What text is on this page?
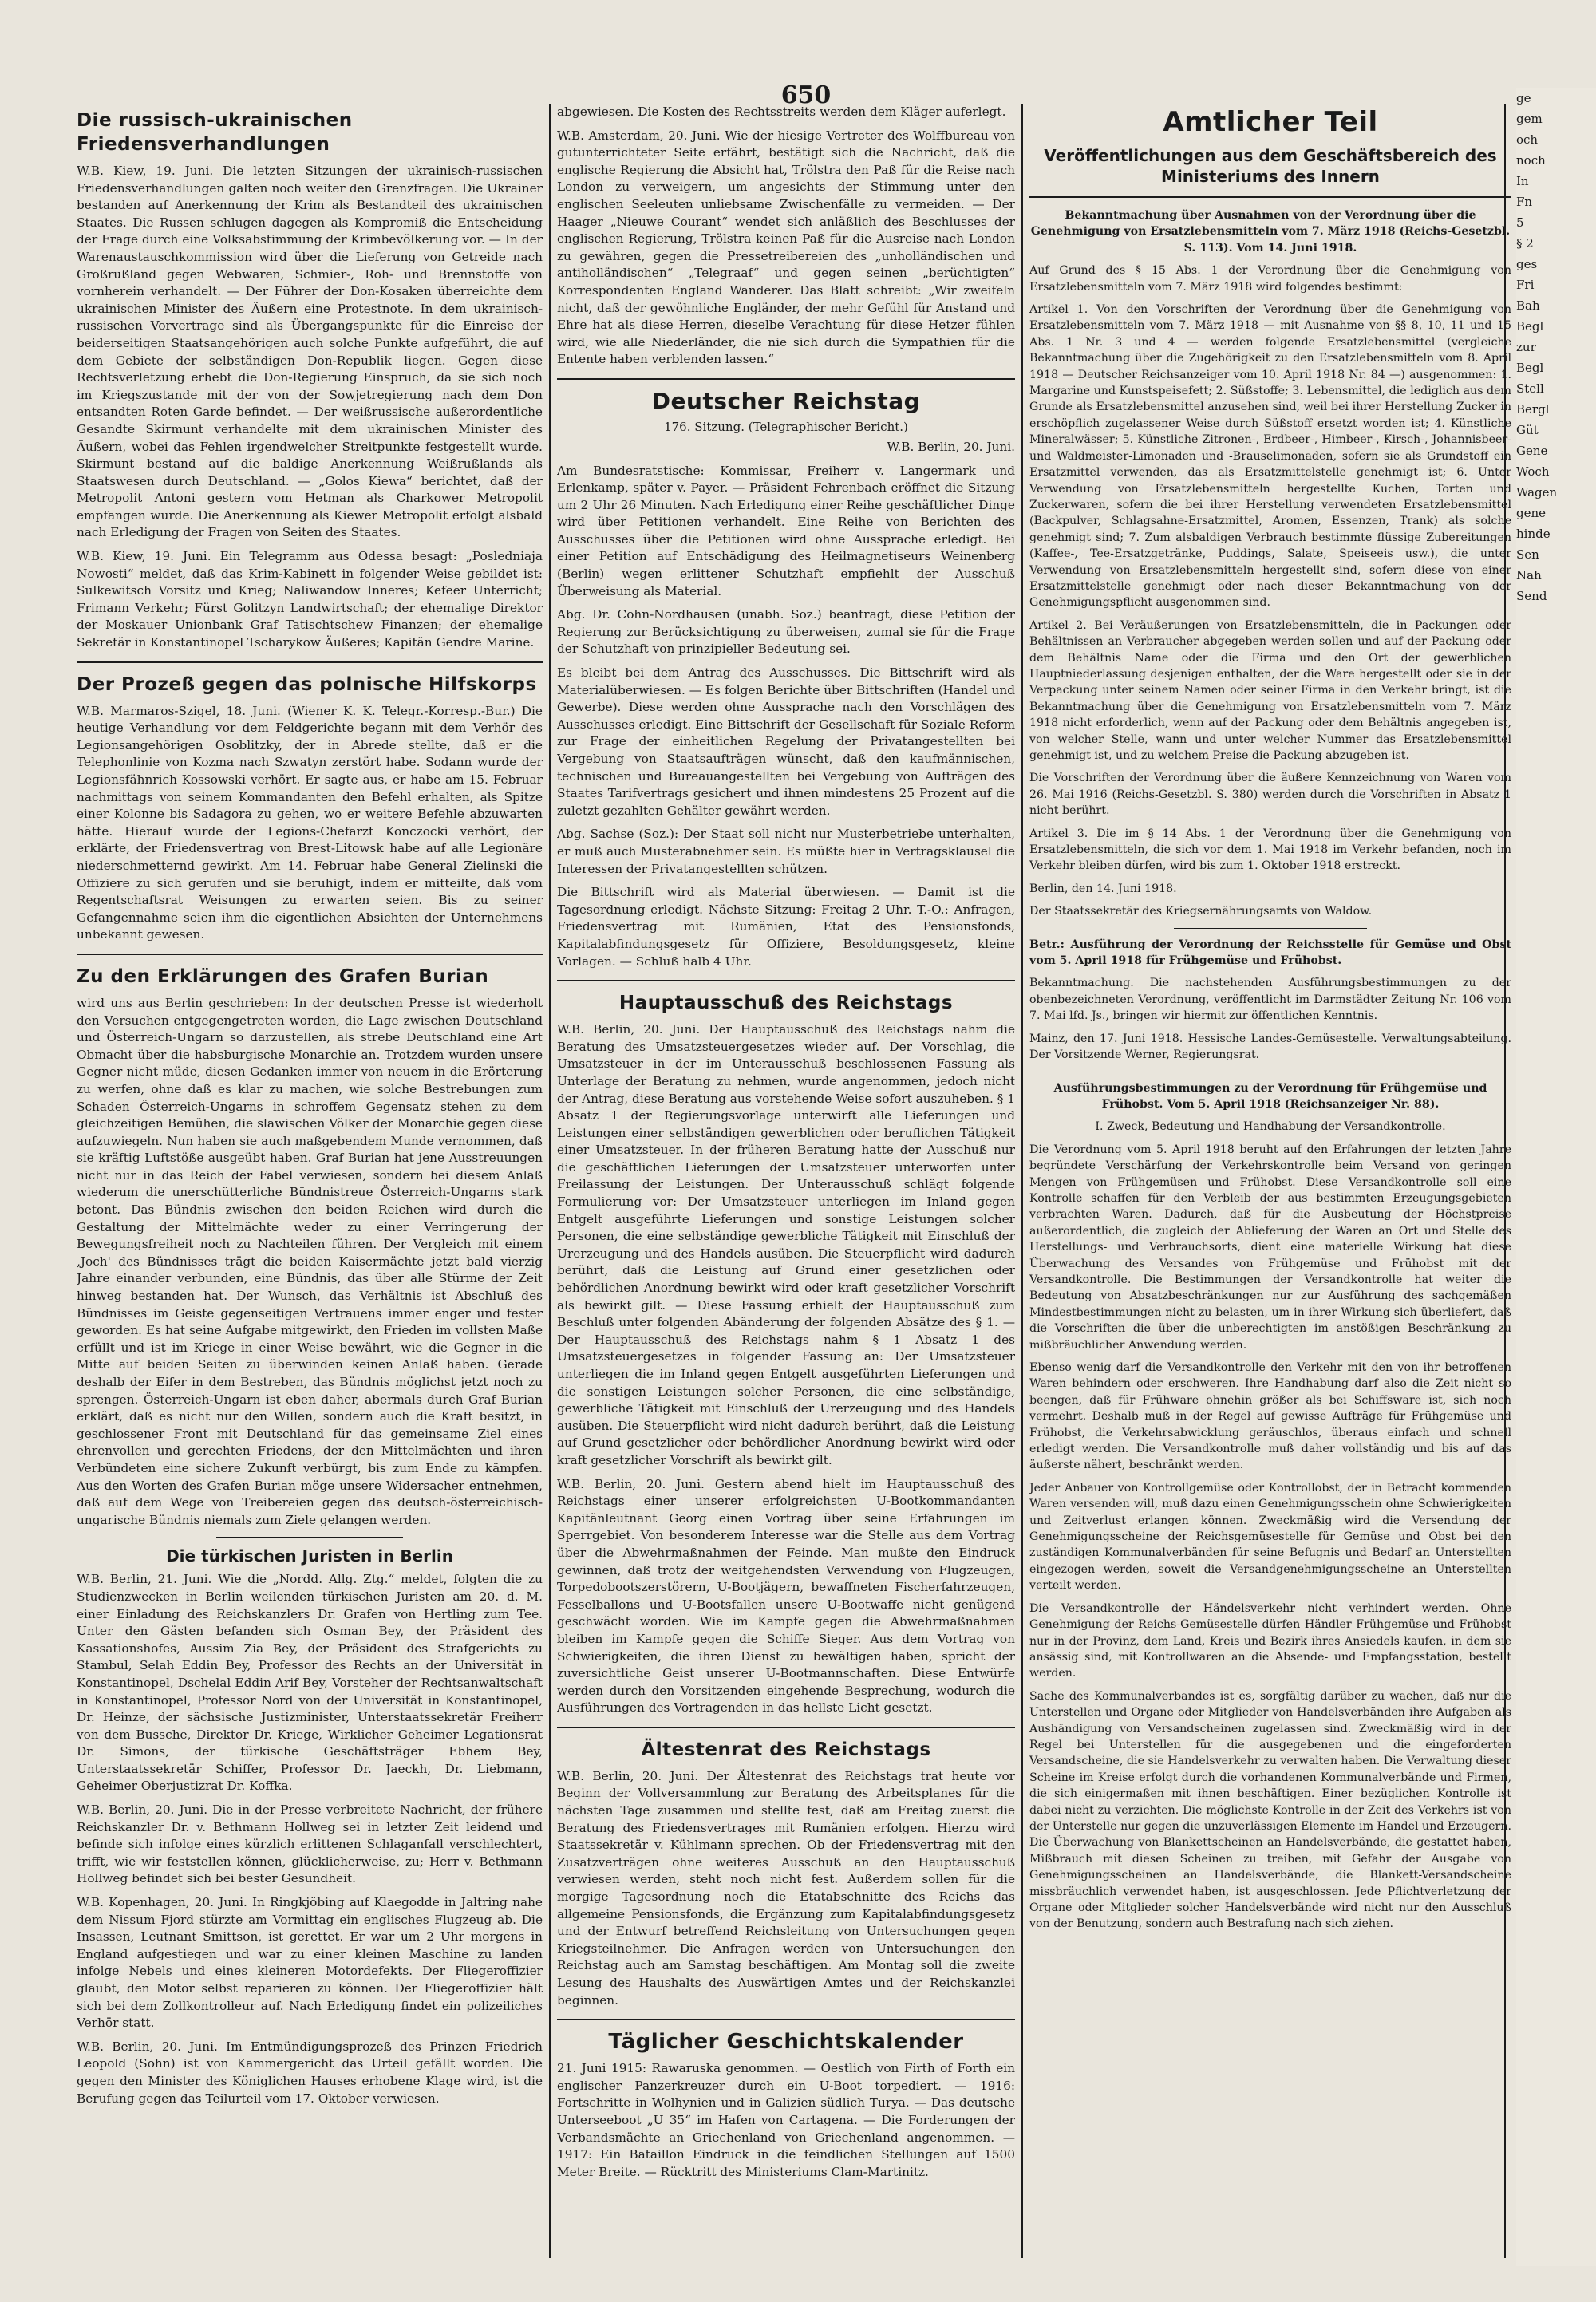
650
Die russisch-ukrainischen Friedensverhandlungen

W.B. Kiew, 19. Juni. Die letzten Sitzungen der ukrainisch-russischen Friedensverhandlungen galten noch weiter den Grenzfragen. Die Ukrainer bestanden auf Anerkennung der Krim als Bestandteil des ukrainischen Staates. Die Russen schlugen dagegen als Kompromiß die Entscheidung der Frage durch eine Volksabstimmung der Krimbevölkerung vor. — In der Warenaustauschkommission wird über die Lieferung von Getreide nach Großrußland gegen Webwaren, Schmier-, Roh- und Brennstoffe von vornherein verhandelt. — Der Führer der Don-Kosaken überreichte dem ukrainischen Minister des Äußern eine Protestnote. In dem ukrainisch-russischen Vorvertrage sind als Übergangspunkte für die Einreise der beiderseitigen Staatsangehörigen auch solche Punkte aufgeführt, die auf dem Gebiete der selbständigen Don-Republik liegen. Gegen diese Rechtsverletzung erhebt die Don-Regierung Einspruch, da sie sich noch im Kriegszustande mit der von der Sowjetregierung nach dem Don entsandten Roten Garde befindet. — Der weißrussische außerordentliche Gesandte Skirmunt verhandelte mit dem ukrainischen Minister des Äußern, wobei das Fehlen irgendwelcher Streitpunkte festgestellt wurde. Skirmunt bestand auf die baldige Anerkennung Weißrußlands als Staatswesen durch Deutschland. — „Golos Kiewa“ berichtet, daß der Metropolit Antoni gestern vom Hetman als Charkower Metropolit empfangen wurde. Die Anerkennung als Kiewer Metropolit erfolgt alsbald nach Erledigung der Fragen von Seiten des Staates.

W.B. Kiew, 19. Juni. Ein Telegramm aus Odessa besagt: „Posledniaja Nowosti“ meldet, daß das Krim-Kabinett in folgender Weise gebildet ist: Sulkewitsch Vorsitz und Krieg; Naliwandow Inneres; Kefeer Unterricht; Frimann Verkehr; Fürst Golitzyn Landwirtschaft; der ehemalige Direktor der Moskauer Unionbank Graf Tatischtschew Finanzen; der ehemalige Sekretär in Konstantinopel Tscharykow Äußeres; Kapitän Gendre Marine.

Der Prozeß gegen das polnische Hilfskorps

W.B. Marmaros-Szigel, 18. Juni. (Wiener K. K. Telegr.-Korresp.-Bur.) Die heutige Verhandlung vor dem Feldgerichte begann mit dem Verhör des Legionsangehörigen Osoblitzky, der in Abrede stellte, daß er die Telephonlinie von Kozma nach Szwatyn zerstört habe. Sodann wurde der Legionsfähnrich Kossowski verhört. Er sagte aus, er habe am 15. Februar nachmittags von seinem Kommandanten den Befehl erhalten, als Spitze einer Kolonne bis Sadagora zu gehen, wo er weitere Befehle abzuwarten hätte. Hierauf wurde der Legions-Chefarzt Konczocki verhört, der erklärte, der Friedensvertrag von Brest-Litowsk habe auf alle Legionäre niederschmetternd gewirkt. Am 14. Februar habe General Zielinski die Offiziere zu sich gerufen und sie beruhigt, indem er mitteilte, daß vom Regentschaftsrat Weisungen zu erwarten seien. Bis zu seiner Gefangennahme seien ihm die eigentlichen Absichten der Unternehmens unbekannt gewesen.

Zu den Erklärungen des Grafen Burian

wird uns aus Berlin geschrieben: In der deutschen Presse ist wiederholt den Versuchen entgegengetreten worden, die Lage zwischen Deutschland und Österreich-Ungarn so darzustellen, als strebe Deutschland eine Art Obmacht über die habsburgische Monarchie an. Trotzdem wurden unsere Gegner nicht müde, diesen Gedanken immer von neuem in die Erörterung zu werfen, ohne daß es klar zu machen, wie solche Bestrebungen zum Schaden Österreich-Ungarns in schroffem Gegensatz stehen zu dem gleichzeitigen Bemühen, die slawischen Völker der Monarchie gegen diese aufzuwiegeln. Nun haben sie auch maßgebendem Munde vernommen, daß sie kräftig Luftstöße ausgeübt haben. Graf Burian hat jene Ausstreuungen nicht nur in das Reich der Fabel verwiesen, sondern bei diesem Anlaß wiederum die unerschütterliche Bündnistreue Österreich-Ungarns stark betont. Das Bündnis zwischen den beiden Reichen wird durch die Gestaltung der Mittelmächte weder zu einer Verringerung der Bewegungsfreiheit noch zu Nachteilen führen. Der Vergleich mit einem ‚Joch' des Bündnisses trägt die beiden Kaisermächte jetzt bald vierzig Jahre einander verbunden, eine Bündnis, das über alle Stürme der Zeit hinweg bestanden hat. Der Wunsch, das Verhältnis ist Abschluß des Bündnisses im Geiste gegenseitigen Vertrauens immer enger und fester geworden. Es hat seine Aufgabe mitgewirkt, den Frieden im vollsten Maße erfüllt und ist im Kriege in einer Weise bewährt, wie die Gegner in die Mitte auf beiden Seiten zu überwinden keinen Anlaß haben. Gerade deshalb der Eifer in dem Bestreben, das Bündnis möglichst jetzt noch zu sprengen. Österreich-Ungarn ist eben daher, abermals durch Graf Burian erklärt, daß es nicht nur den Willen, sondern auch die Kraft besitzt, in geschlossener Front mit Deutschland für das gemeinsame Ziel eines ehrenvollen und gerechten Friedens, der den Mittelmächten und ihren Verbündeten eine sichere Zukunft verbürgt, bis zum Ende zu kämpfen. Aus den Worten des Grafen Burian möge unsere Widersacher entnehmen, daß auf dem Wege von Treibereien gegen das deutsch-österreichisch-ungarische Bündnis niemals zum Ziele gelangen werden.

Die türkischen Juristen in Berlin

W.B. Berlin, 21. Juni. Wie die „Nordd. Allg. Ztg.“ meldet, folgten die zu Studienzwecken in Berlin weilenden türkischen Juristen am 20. d. M. einer Einladung des Reichskanzlers Dr. Grafen von Hertling zum Tee. Unter den Gästen befanden sich Osman Bey, der Präsident des Kassationshofes, Aussim Zia Bey, der Präsident des Strafgerichts zu Stambul, Selah Eddin Bey, Professor des Rechts an der Universität in Konstantinopel, Dschelal Eddin Arif Bey, Vorsteher der Rechtsanwaltschaft in Konstantinopel, Professor Nord von der Universität in Konstantinopel, Dr. Heinze, der sächsische Justizminister, Unterstaatssekretär Freiherr von dem Bussche, Direktor Dr. Kriege, Wirklicher Geheimer Legationsrat Dr. Simons, der türkische Geschäftsträger Ebhem Bey, Unterstaatssekretär Schiffer, Professor Dr. Jaeckh, Dr. Liebmann, Geheimer Oberjustizrat Dr. Koffka.

W.B. Berlin, 20. Juni. Die in der Presse verbreitete Nachricht, der frühere Reichskanzler Dr. v. Bethmann Hollweg sei in letzter Zeit leidend und befinde sich infolge eines kürzlich erlittenen Schlaganfall verschlechtert, trifft, wie wir feststellen können, glücklicherweise, zu; Herr v. Bethmann Hollweg befindet sich bei bester Gesundheit.

W.B. Kopenhagen, 20. Juni. In Ringkjöbing auf Klaegodde in Jaltring nahe dem Nissum Fjord stürzte am Vormittag ein englisches Flugzeug ab. Die Insassen, Leutnant Smittson, ist gerettet. Er war um 2 Uhr morgens in England aufgestiegen und war zu einer kleinen Maschine zu landen infolge Nebels und eines kleineren Motordefekts. Der Fliegeroffizier glaubt, den Motor selbst reparieren zu können. Der Fliegeroffizier hält sich bei dem Zollkontrolleur auf. Nach Erledigung findet ein polizeiliches Verhör statt.

W.B. Berlin, 20. Juni. Im Entmündigungsprozeß des Prinzen Friedrich Leopold (Sohn) ist von Kammergericht das Urteil gefällt worden. Die gegen den Minister des Königlichen Hauses erhobene Klage wird, ist die Berufung gegen das Teilurteil vom 17. Oktober verwiesen.

abgewiesen. Die Kosten des Rechtsstreits werden dem Kläger auferlegt.

W.B. Amsterdam, 20. Juni. Wie der hiesige Vertreter des Wolffbureau von gutunterrichteter Seite erfährt, bestätigt sich die Nachricht, daß die englische Regierung die Absicht hat, Trölstra den Paß für die Reise nach London zu verweigern, um angesichts der Stimmung unter den englischen Seeleuten unliebsame Zwischenfälle zu vermeiden. — Der Haager „Nieuwe Courant“ wendet sich anläßlich des Beschlusses der englischen Regierung, Trölstra keinen Paß für die Ausreise nach London zu gewähren, gegen die Pressetreibereien des „unholländischen und antiholländischen“ „Telegraaf“ und gegen seinen „berüchtigten“ Korrespondenten England Wanderer. Das Blatt schreibt: „Wir zweifeln nicht, daß der gewöhnliche Engländer, der mehr Gefühl für Anstand und Ehre hat als diese Herren, dieselbe Verachtung für diese Hetzer fühlen wird, wie alle Niederländer, die nie sich durch die Sympathien für die Entente haben verblenden lassen.“

Deutscher Reichstag
176. Sitzung. (Telegraphischer Bericht.)

W.B. Berlin, 20. Juni.

Am Bundesratstische: Kommissar, Freiherr v. Langermark und Erlenkamp, später v. Payer. — Präsident Fehrenbach eröffnet die Sitzung um 2 Uhr 26 Minuten. Nach Erledigung einer Reihe geschäftlicher Dinge wird über Petitionen verhandelt. Eine Reihe von Berichten des Ausschusses über die Petitionen wird ohne Aussprache erledigt. Bei einer Petition auf Entschädigung des Heilmagnetiseurs Weinenberg (Berlin) wegen erlittener Schutzhaft empfiehlt der Ausschuß Überweisung als Material.

Abg. Dr. Cohn-Nordhausen (unabh. Soz.) beantragt, diese Petition der Regierung zur Berücksichtigung zu überweisen, zumal sie für die Frage der Schutzhaft von prinzipieller Bedeutung sei.

Es bleibt bei dem Antrag des Ausschusses. Die Bittschrift wird als Materialüberwiesen. — Es folgen Berichte über Bittschriften (Handel und Gewerbe). Diese werden ohne Aussprache nach den Vorschlägen des Ausschusses erledigt. Eine Bittschrift der Gesellschaft für Soziale Reform zur Frage der einheitlichen Regelung der Privatangestellten bei Vergebung von Staatsaufträgen wünscht, daß den kaufmännischen, technischen und Bureauangestellten bei Vergebung von Aufträgen des Staates Tarifvertrags gesichert und ihnen mindestens 25 Prozent auf die zuletzt gezahlten Gehälter gewährt werden.

Abg. Sachse (Soz.): Der Staat soll nicht nur Musterbetriebe unterhalten, er muß auch Musterabnehmer sein. Es müßte hier in Vertragsklausel die Interessen der Privatangestellten schützen.

Die Bittschrift wird als Material überwiesen. — Damit ist die Tagesordnung erledigt. Nächste Sitzung: Freitag 2 Uhr. T.-O.: Anfragen, Friedensvertrag mit Rumänien, Etat des Pensionsfonds, Kapitalabfindungsgesetz für Offiziere, Besoldungsgesetz, kleine Vorlagen. — Schluß halb 4 Uhr.

Hauptausschuß des Reichstags

W.B. Berlin, 20. Juni. Der Hauptausschuß des Reichstags nahm die Beratung des Umsatzsteuergesetzes wieder auf. Der Vorschlag, die Umsatzsteuer in der im Unterausschuß beschlossenen Fassung als Unterlage der Beratung zu nehmen, wurde angenommen, jedoch nicht der Antrag, diese Beratung aus vorstehende Weise sofort auszuheben. § 1 Absatz 1 der Regierungsvorlage unterwirft alle Lieferungen und Leistungen einer selbständigen gewerblichen oder beruflichen Tätigkeit einer Umsatzsteuer. In der früheren Beratung hatte der Ausschuß nur die geschäftlichen Lieferungen der Umsatzsteuer unterworfen unter Freilassung der Leistungen. Der Unterausschuß schlägt folgende Formulierung vor: Der Umsatzsteuer unterliegen im Inland gegen Entgelt ausgeführte Lieferungen und sonstige Leistungen solcher Personen, die eine selbständige gewerbliche Tätigkeit mit Einschluß der Urerzeugung und des Handels ausüben. Die Steuerpflicht wird dadurch berührt, daß die Leistung auf Grund einer gesetzlichen oder behördlichen Anordnung bewirkt wird oder kraft gesetzlicher Vorschrift als bewirkt gilt. — Diese Fassung erhielt der Hauptausschuß zum Beschluß unter folgenden Abänderung der folgenden Absätze des § 1. — Der Hauptausschuß des Reichstags nahm § 1 Absatz 1 des Umsatzsteuergesetzes in folgender Fassung an: Der Umsatzsteuer unterliegen die im Inland gegen Entgelt ausgeführten Lieferungen und die sonstigen Leistungen solcher Personen, die eine selbständige, gewerbliche Tätigkeit mit Einschluß der Urerzeugung und des Handels ausüben. Die Steuerpflicht wird nicht dadurch berührt, daß die Leistung auf Grund gesetzlicher oder behördlicher Anordnung bewirkt wird oder kraft gesetzlicher Vorschrift als bewirkt gilt.

W.B. Berlin, 20. Juni. Gestern abend hielt im Hauptausschuß des Reichstags einer unserer erfolgreichsten U-Bootkommandanten Kapitänleutnant Georg einen Vortrag über seine Erfahrungen im Sperrgebiet. Von besonderem Interesse war die Stelle aus dem Vortrag über die Abwehrmaßnahmen der Feinde. Man mußte den Eindruck gewinnen, daß trotz der weitgehendsten Verwendung von Flugzeugen, Torpedobootszerstörern, U-Bootjägern, bewaffneten Fischerfahrzeugen, Fesselballons und U-Bootsfallen unsere U-Bootwaffe nicht genügend geschwächt worden. Wie im Kampfe gegen die Abwehrmaßnahmen bleiben im Kampfe gegen die Schiffe Sieger. Aus dem Vortrag von Schwierigkeiten, die ihren Dienst zu bewältigen haben, spricht der zuversichtliche Geist unserer U-Bootmannschaften. Diese Entwürfe werden durch den Vorsitzenden eingehende Besprechung, wodurch die Ausführungen des Vortragenden in das hellste Licht gesetzt.

Ältestenrat des Reichstags

W.B. Berlin, 20. Juni. Der Ältestenrat des Reichstags trat heute vor Beginn der Vollversammlung zur Beratung des Arbeitsplanes für die nächsten Tage zusammen und stellte fest, daß am Freitag zuerst die Beratung des Friedensvertrages mit Rumänien erfolgen. Hierzu wird Staatssekretär v. Kühlmann sprechen. Ob der Friedensvertrag mit den Zusatzverträgen ohne weiteres Ausschuß an den Hauptausschuß verwiesen werden, steht noch nicht fest. Außerdem sollen für die morgige Tagesordnung noch die Etatabschnitte des Reichs das allgemeine Pensionsfonds, die Ergänzung zum Kapitalabfindungsgesetz und der Entwurf betreffend Reichsleitung von Untersuchungen gegen Kriegsteilnehmer. Die Anfragen werden von Untersuchungen den Reichstag auch am Samstag beschäftigen. Am Montag soll die zweite Lesung des Haushalts des Auswärtigen Amtes und der Reichskanzlei beginnen.

Täglicher Geschichtskalender

21. Juni 1915: Rawaruska genommen. — Oestlich von Firth of Forth ein englischer Panzerkreuzer durch ein U-Boot torpediert. — 1916: Fortschritte in Wolhynien und in Galizien südlich Turya. — Das deutsche Unterseeboot „U 35“ im Hafen von Cartagena. — Die Forderungen der Verbandsmächte an Griechenland von Griechenland angenommen. — 1917: Ein Bataillon Eindruck in die feindlichen Stellungen auf 1500 Meter Breite. — Rücktritt des Ministeriums Clam-Martinitz.

Amtlicher Teil
Veröffentlichungen aus dem Geschäftsbereich des Ministeriums des Innern

Bekanntmachung über Ausnahmen von der Verordnung über die Genehmigung von Ersatzlebensmitteln vom 7. März 1918 (Reichs-Gesetzbl. S. 113). Vom 14. Juni 1918.

Auf Grund des § 15 Abs. 1 der Verordnung über die Genehmigung von Ersatzlebensmitteln vom 7. März 1918 wird folgendes bestimmt:

Artikel 1. Von den Vorschriften der Verordnung über die Genehmigung von Ersatzlebensmitteln vom 7. März 1918 — mit Ausnahme von §§ 8, 10, 11 und 15 Abs. 1 Nr. 3 und 4 — werden folgende Ersatzlebensmittel (vergleiche Bekanntmachung über die Zugehörigkeit zu den Ersatzlebensmitteln vom 8. April 1918 — Deutscher Reichsanzeiger vom 10. April 1918 Nr. 84 —) ausgenommen: 1. Margarine und Kunstspeisefett; 2. Süßstoffe; 3. Lebensmittel, die lediglich aus dem Grunde als Ersatzlebensmittel anzusehen sind, weil bei ihrer Herstellung Zucker in erschöpflich zugelassener Weise durch Süßstoff ersetzt worden ist; 4. Künstliche Mineralwässer; 5. Künstliche Zitronen-, Erdbeer-, Himbeer-, Kirsch-, Johannisbeer- und Waldmeister-Limonaden und -Brauselimonaden, sofern sie als Grundstoff ein Ersatzmittel verwenden, das als Ersatzmittelstelle genehmigt ist; 6. Unter Verwendung von Ersatzlebensmitteln hergestellte Kuchen, Torten und Zuckerwaren, sofern die bei ihrer Herstellung verwendeten Ersatzlebensmittel (Backpulver, Schlagsahne-Ersatzmittel, Aromen, Essenzen, Trank) als solche genehmigt sind; 7. Zum alsbaldigen Verbrauch bestimmte flüssige Zubereitungen (Kaffee-, Tee-Ersatzgetränke, Puddings, Salate, Speiseeis usw.), die unter Verwendung von Ersatzlebensmitteln hergestellt sind, sofern diese von einer Ersatzmittelstelle genehmigt oder nach dieser Bekanntmachung von der Genehmigungspflicht ausgenommen sind.

Artikel 2. Bei Veräußerungen von Ersatzlebensmitteln, die in Packungen oder Behältnissen an Verbraucher abgegeben werden sollen und auf der Packung oder dem Behältnis Name oder die Firma und den Ort der gewerblichen Hauptniederlassung desjenigen enthalten, der die Ware hergestellt oder sie in der Verpackung unter seinem Namen oder seiner Firma in den Verkehr bringt, ist die Bekanntmachung über die Genehmigung von Ersatzlebensmitteln vom 7. März 1918 nicht erforderlich, wenn auf der Packung oder dem Behältnis angegeben ist, von welcher Stelle, wann und unter welcher Nummer das Ersatzlebensmittel genehmigt ist, und zu welchem Preise die Packung abzugeben ist.

Die Vorschriften der Verordnung über die äußere Kennzeichnung von Waren vom 26. Mai 1916 (Reichs-Gesetzbl. S. 380) werden durch die Vorschriften in Absatz 1 nicht berührt.

Artikel 3. Die im § 14 Abs. 1 der Verordnung über die Genehmigung von Ersatzlebensmitteln, die sich vor dem 1. Mai 1918 im Verkehr befanden, noch im Verkehr bleiben dürfen, wird bis zum 1. Oktober 1918 erstreckt.

Berlin, den 14. Juni 1918.

Der Staatssekretär des Kriegsernährungsamts von Waldow.

Betr.: Ausführung der Verordnung der Reichsstelle für Gemüse und Obst vom 5. April 1918 für Frühgemüse und Frühobst.

Bekanntmachung. Die nachstehenden Ausführungsbestimmungen zu der obenbezeichneten Verordnung, veröffentlicht im Darmstädter Zeitung Nr. 106 vom 7. Mai lfd. Js., bringen wir hiermit zur öffentlichen Kenntnis.

Mainz, den 17. Juni 1918. Hessische Landes-Gemüsestelle. Verwaltungsabteilung. Der Vorsitzende Werner, Regierungsrat.

Ausführungsbestimmungen zu der Verordnung für Frühgemüse und Frühobst. Vom 5. April 1918 (Reichsanzeiger Nr. 88).

I. Zweck, Bedeutung und Handhabung der Versandkontrolle.

Die Verordnung vom 5. April 1918 beruht auf den Erfahrungen der letzten Jahre begründete Verschärfung der Verkehrskontrolle beim Versand von geringen Mengen von Frühgemüsen und Frühobst. Diese Versandkontrolle soll eine Kontrolle schaffen für den Verbleib der aus bestimmten Erzeugungsgebieten verbrachten Waren. Dadurch, daß für die Ausbeutung der Höchstpreise außerordentlich, die zugleich der Ablieferung der Waren an Ort und Stelle des Herstellungs- und Verbrauchsorts, dient eine materielle Wirkung hat diese Überwachung des Versandes von Frühgemüse und Frühobst mit der Versandkontrolle. Die Bestimmungen der Versandkontrolle hat weiter die Bedeutung von Absatzbeschränkungen nur zur Ausführung des sachgemäßen Mindestbestimmungen nicht zu belasten, um in ihrer Wirkung sich überliefert, daß die Vorschriften die über die unberechtigten im anstößigen Beschränkung zu mißbräuchlicher Anwendung werden.

Ebenso wenig darf die Versandkontrolle den Verkehr mit den von ihr betroffenen Waren behindern oder erschweren. Ihre Handhabung darf also die Zeit nicht so beengen, daß für Frühware ohnehin größer als bei Schiffsware ist, sich noch vermehrt. Deshalb muß in der Regel auf gewisse Aufträge für Frühgemüse und Frühobst, die Verkehrsabwicklung geräuschlos, überaus einfach und schnell erledigt werden. Die Versandkontrolle muß daher vollständig und bis auf das äußerste nähert, beschränkt werden.

Jeder Anbauer von Kontrollgemüse oder Kontrollobst, der in Betracht kommenden Waren versenden will, muß dazu einen Genehmigungsschein ohne Schwierigkeiten und Zeitverlust erlangen können. Zweckmäßig wird die Versendung der Genehmigungsscheine der Reichsgemüsestelle für Gemüse und Obst bei den zuständigen Kommunalverbänden für seine Befugnis und Bedarf an Unterstellten eingezogen werden, soweit die Versandgenehmigungsscheine an Unterstellten verteilt werden.

Die Versandkontrolle der Händelsverkehr nicht verhindert werden. Ohne Genehmigung der Reichs-Gemüsestelle dürfen Händler Frühgemüse und Frühobst nur in der Provinz, dem Land, Kreis und Bezirk ihres Ansiedels kaufen, in dem sie ansässig sind, mit Kontrollwaren an die Absende- und Empfangsstation, bestellt werden.

Sache des Kommunalverbandes ist es, sorgfältig darüber zu wachen, daß nur die Unterstellen und Organe oder Mitglieder von Handelsverbänden ihre Aufgaben als Aushändigung von Versandscheinen zugelassen sind. Zweckmäßig wird in der Regel bei Unterstellen für die ausgegebenen und die eingeforderten Versandscheine, die sie Handelsverkehr zu verwalten haben. Die Verwaltung dieser Scheine im Kreise erfolgt durch die vorhandenen Kommunalverbände und Firmen, die sich einigermaßen mit ihnen beschäftigen. Einer bezüglichen Kontrolle ist dabei nicht zu verzichten. Die möglichste Kontrolle in der Zeit des Verkehrs ist von der Unterstelle nur gegen die unzuverlässigen Elemente im Handel und Erzeugern. Die Überwachung von Blankettscheinen an Handelsverbände, die gestattet haben, Mißbrauch mit diesen Scheinen zu treiben, mit Gefahr der Ausgabe von Genehmigungsscheinen an Handelsverbände, die Blankett-Versandscheine missbräuchlich verwendet haben, ist ausgeschlossen. Jede Pflichtverletzung der Organe oder Mitglieder solcher Handelsverbände wird nicht nur den Ausschluß von der Benutzung, sondern auch Bestrafung nach sich ziehen.

ge
gem
och
noch
In
Fn
5
§ 2
ges
Fri
Bah
Begl
zur
Begl
Stell
Bergl
Güt
Gene
Woch
Wagen
gene
hinde
Sen
Nah
Send
